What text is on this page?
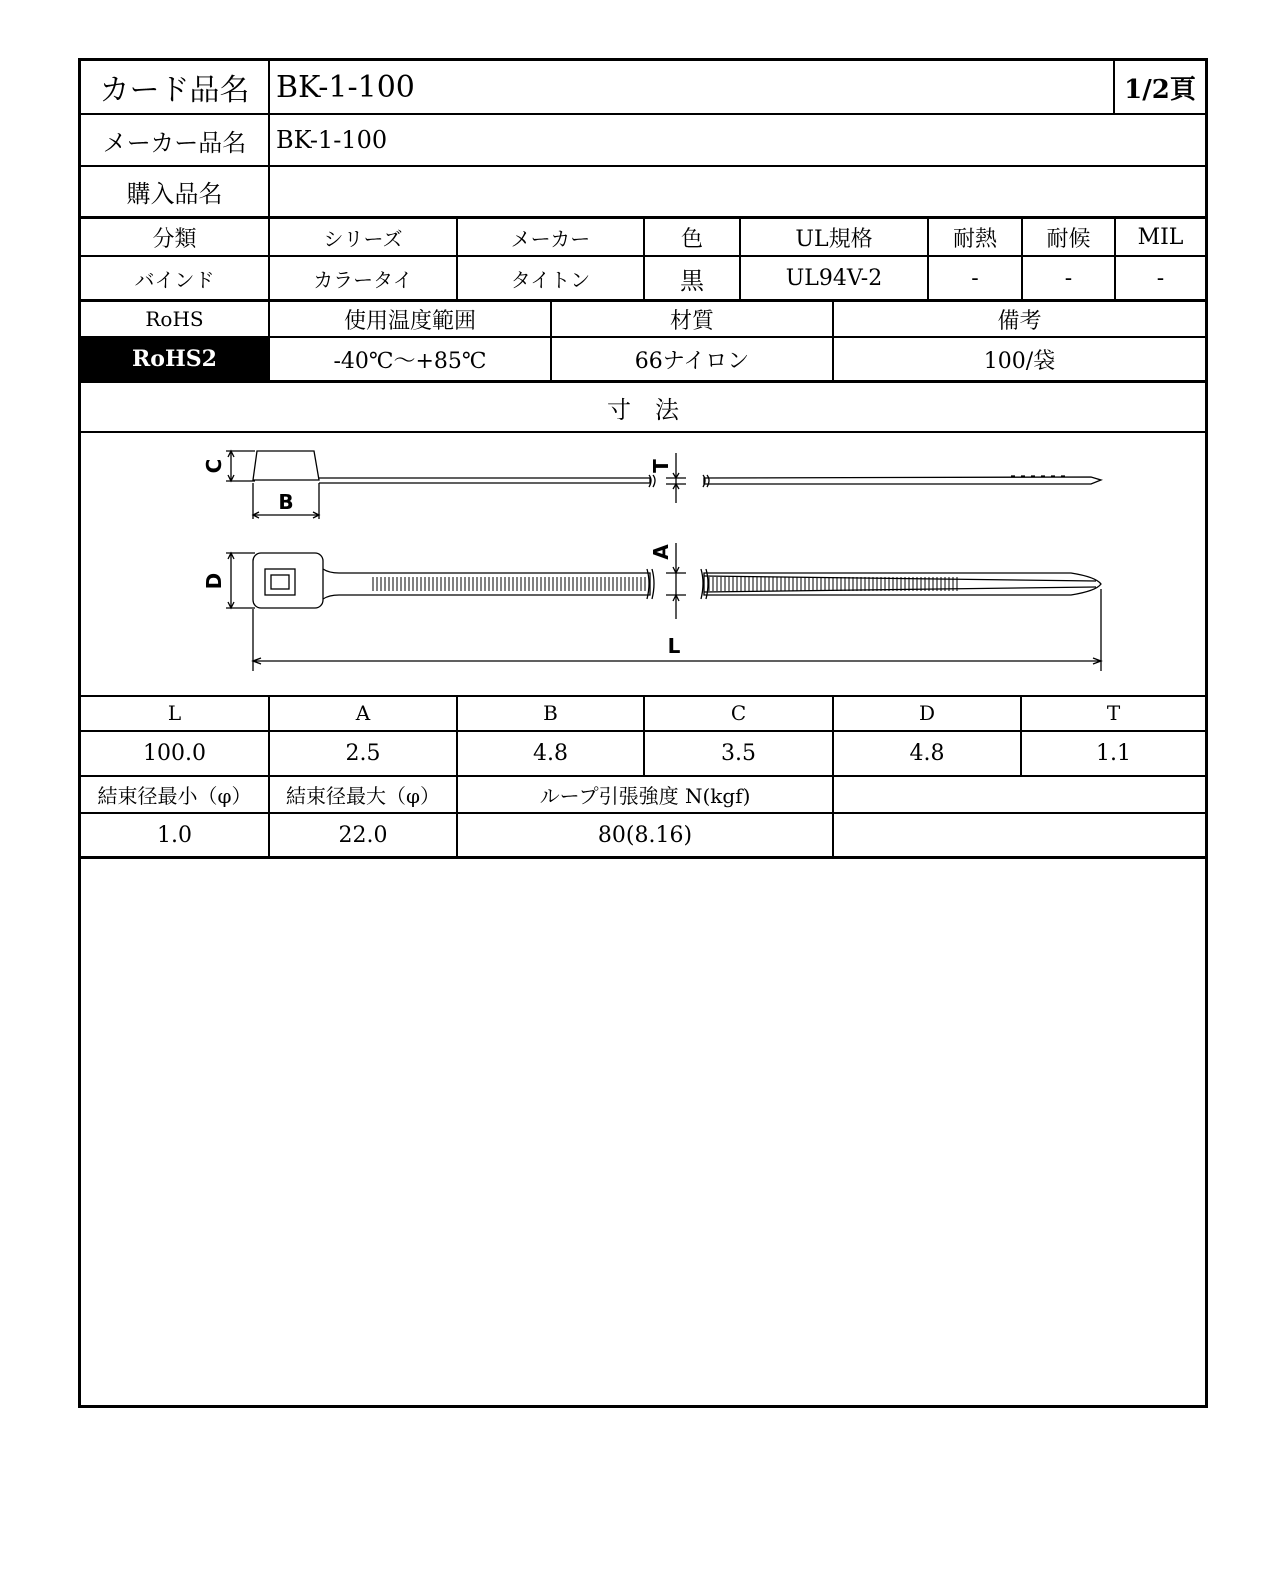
カード品名 BK-1-100	1/2頁
メーカー品名	BK-1-100
購入品名
分類	シリーズ	メーカー	色	UL規格	耐熱	耐候	MIL
バインド	カラータイ	タイトン	黒	UL94V-2	-	-	-
RoHS	使用温度範囲	材質	備考
RoHS2	-40℃～+85℃	66ナイロン	100/袋
寸　法
C
B
T
A
D
L
L	A	B	C	D	T
100.0	2.5	4.8	3.5	4.8	1.1
結束径最小（φ）	結束径最大（φ）	ループ引張強度 N(kgf)
1.0	22.0	80(8.16)
